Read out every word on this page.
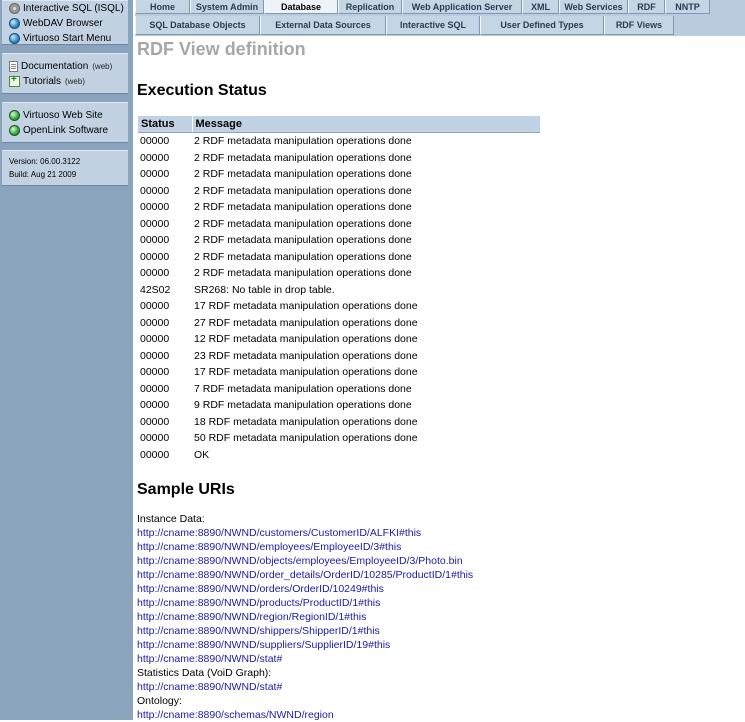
Interactive SQL (ISQL)
WebDAV Browser
Virtuoso Start Menu
Documentation (web)
+
Tutorials (web)
Virtuoso Web Site
OpenLink Software
Version: 06.00.3122
Build: Aug 21 2009
Home	System Admin	Database	Replication	Web Application Server	XML	Web Services	RDF	NNTP
SQL Database Objects	External Data Sources	Interactive SQL	User Defined Types	RDF Views
RDF View definition
Execution Status
Status	Message
00000	2 RDF metadata manipulation operations done
00000	2 RDF metadata manipulation operations done
00000	2 RDF metadata manipulation operations done
00000	2 RDF metadata manipulation operations done
00000	2 RDF metadata manipulation operations done
00000	2 RDF metadata manipulation operations done
00000	2 RDF metadata manipulation operations done
00000	2 RDF metadata manipulation operations done
00000	2 RDF metadata manipulation operations done
42S02	SR268: No table in drop table.
00000	17 RDF metadata manipulation operations done
00000	27 RDF metadata manipulation operations done
00000	12 RDF metadata manipulation operations done
00000	23 RDF metadata manipulation operations done
00000	17 RDF metadata manipulation operations done
00000	7 RDF metadata manipulation operations done
00000	9 RDF metadata manipulation operations done
00000	18 RDF metadata manipulation operations done
00000	50 RDF metadata manipulation operations done
00000	OK
Sample URIs
Instance Data:
http://cname:8890/NWND/customers/CustomerID/ALFKI#this
http://cname:8890/NWND/employees/EmployeeID/3#this
http://cname:8890/NWND/objects/employees/EmployeeID/3/Photo.bin
http://cname:8890/NWND/order_details/OrderID/10285/ProductID/1#this
http://cname:8890/NWND/orders/OrderID/10249#this
http://cname:8890/NWND/products/ProductID/1#this
http://cname:8890/NWND/region/RegionID/1#this
http://cname:8890/NWND/shippers/ShipperID/1#this
http://cname:8890/NWND/suppliers/SupplierID/19#this
http://cname:8890/NWND/stat#
Statistics Data (VoiD Graph):
http://cname:8890/NWND/stat#
Ontology:
http://cname:8890/schemas/NWND/region
